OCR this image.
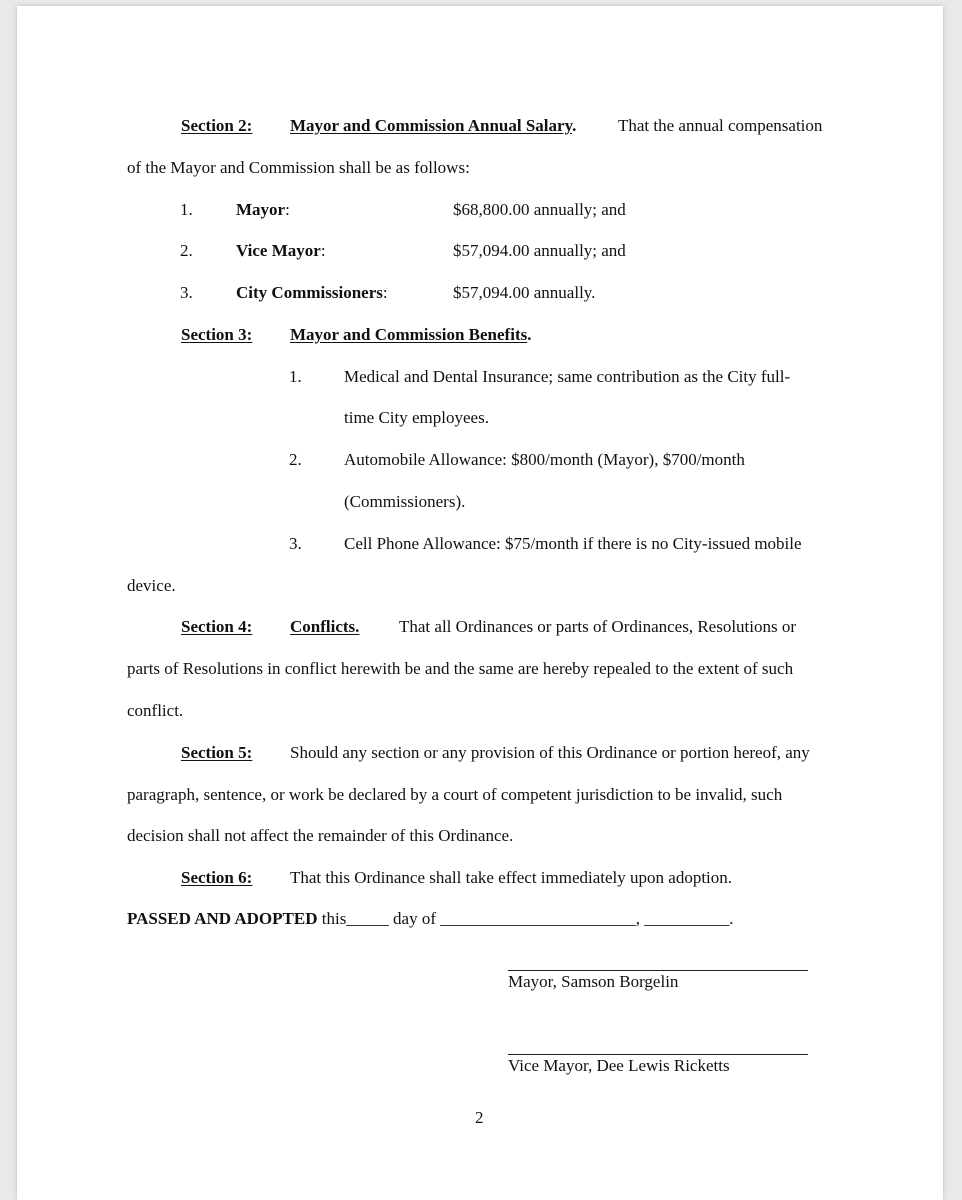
Section 2: Mayor and Commission Annual Salary. That the annual compensation
of the Mayor and Commission shall be as follows:
1.	Mayor:	$68,800.00 annually; and
2.	Vice Mayor:	$57,094.00 annually; and
3.	City Commissioners:	$57,094.00 annually.
Section 3: Mayor and Commission Benefits.
1. Medical and Dental Insurance; same contribution as the City full-
time City employees.
2. Automobile Allowance: $800/month (Mayor), $700/month
(Commissioners).
3. Cell Phone Allowance: $75/month if there is no City-issued mobile
device.
Section 4: Conflicts. That all Ordinances or parts of Ordinances, Resolutions or
parts of Resolutions in conflict herewith be and the same are hereby repealed to the extent of such
conflict.
Section 5: Should any section or any provision of this Ordinance or portion hereof, any
paragraph, sentence, or work be declared by a court of competent jurisdiction to be invalid, such
decision shall not affect the remainder of this Ordinance.
Section 6: That this Ordinance shall take effect immediately upon adoption.
PASSED AND ADOPTED this_____ day of _______________________, __________.
Mayor, Samson Borgelin
Vice Mayor, Dee Lewis Ricketts
2
